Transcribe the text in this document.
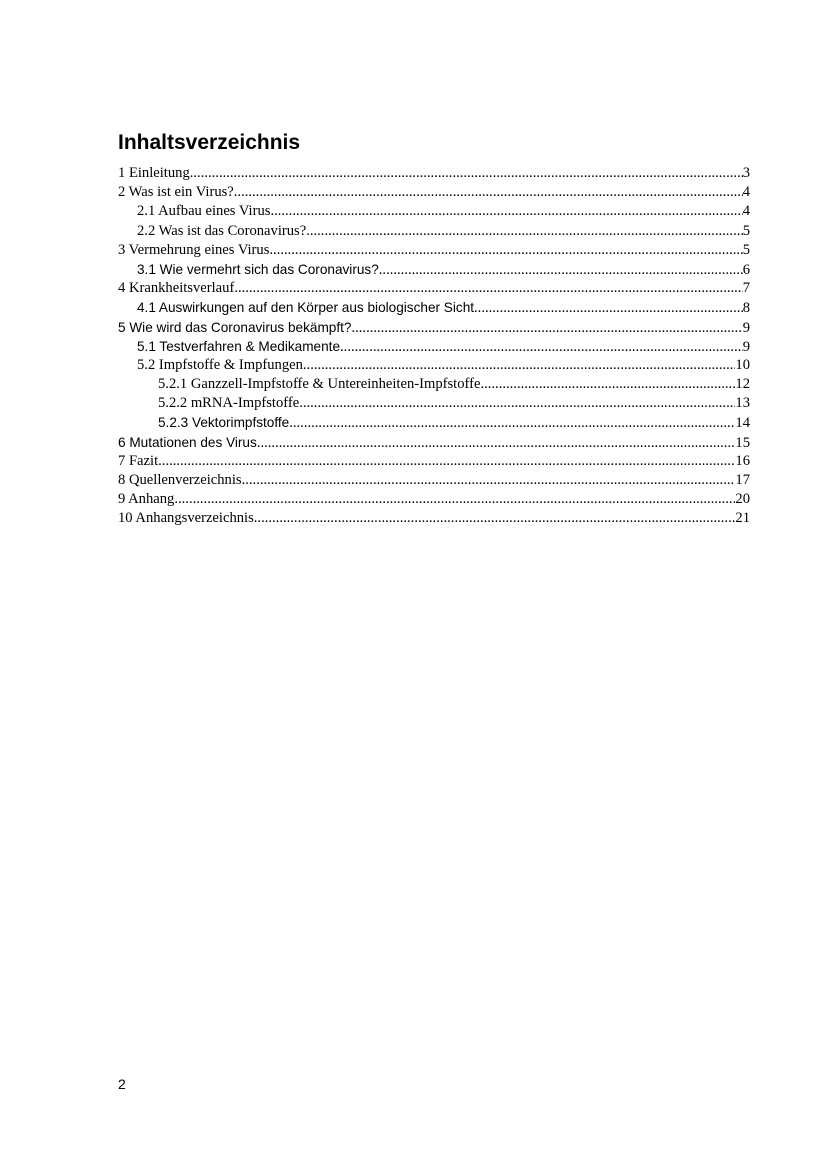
Inhaltsverzeichnis
1 Einleitung .....	3
2 Was ist ein Virus? .....	4
2.1 Aufbau eines Virus .....	4
2.2 Was ist das Coronavirus? .....	5
3 Vermehrung eines Virus .....	5
3.1 Wie vermehrt sich das Coronavirus? .....	6
4 Krankheitsverlauf .....	7
4.1 Auswirkungen auf den Körper aus biologischer Sicht .....	8
5 Wie wird das Coronavirus bekämpft? .....	9
5.1 Testverfahren & Medikamente .....	9
5.2 Impfstoffe & Impfungen .....	10
5.2.1 Ganzzell-Impfstoffe & Untereinheiten-Impfstoffe .....	12
5.2.2 mRNA-Impfstoffe .....	13
5.2.3 Vektorimpfstoffe .....	14
6 Mutationen des Virus .....	15
7 Fazit .....	16
8 Quellenverzeichnis .....	17
9 Anhang .....	20
10 Anhangsverzeichnis .....	21
2
